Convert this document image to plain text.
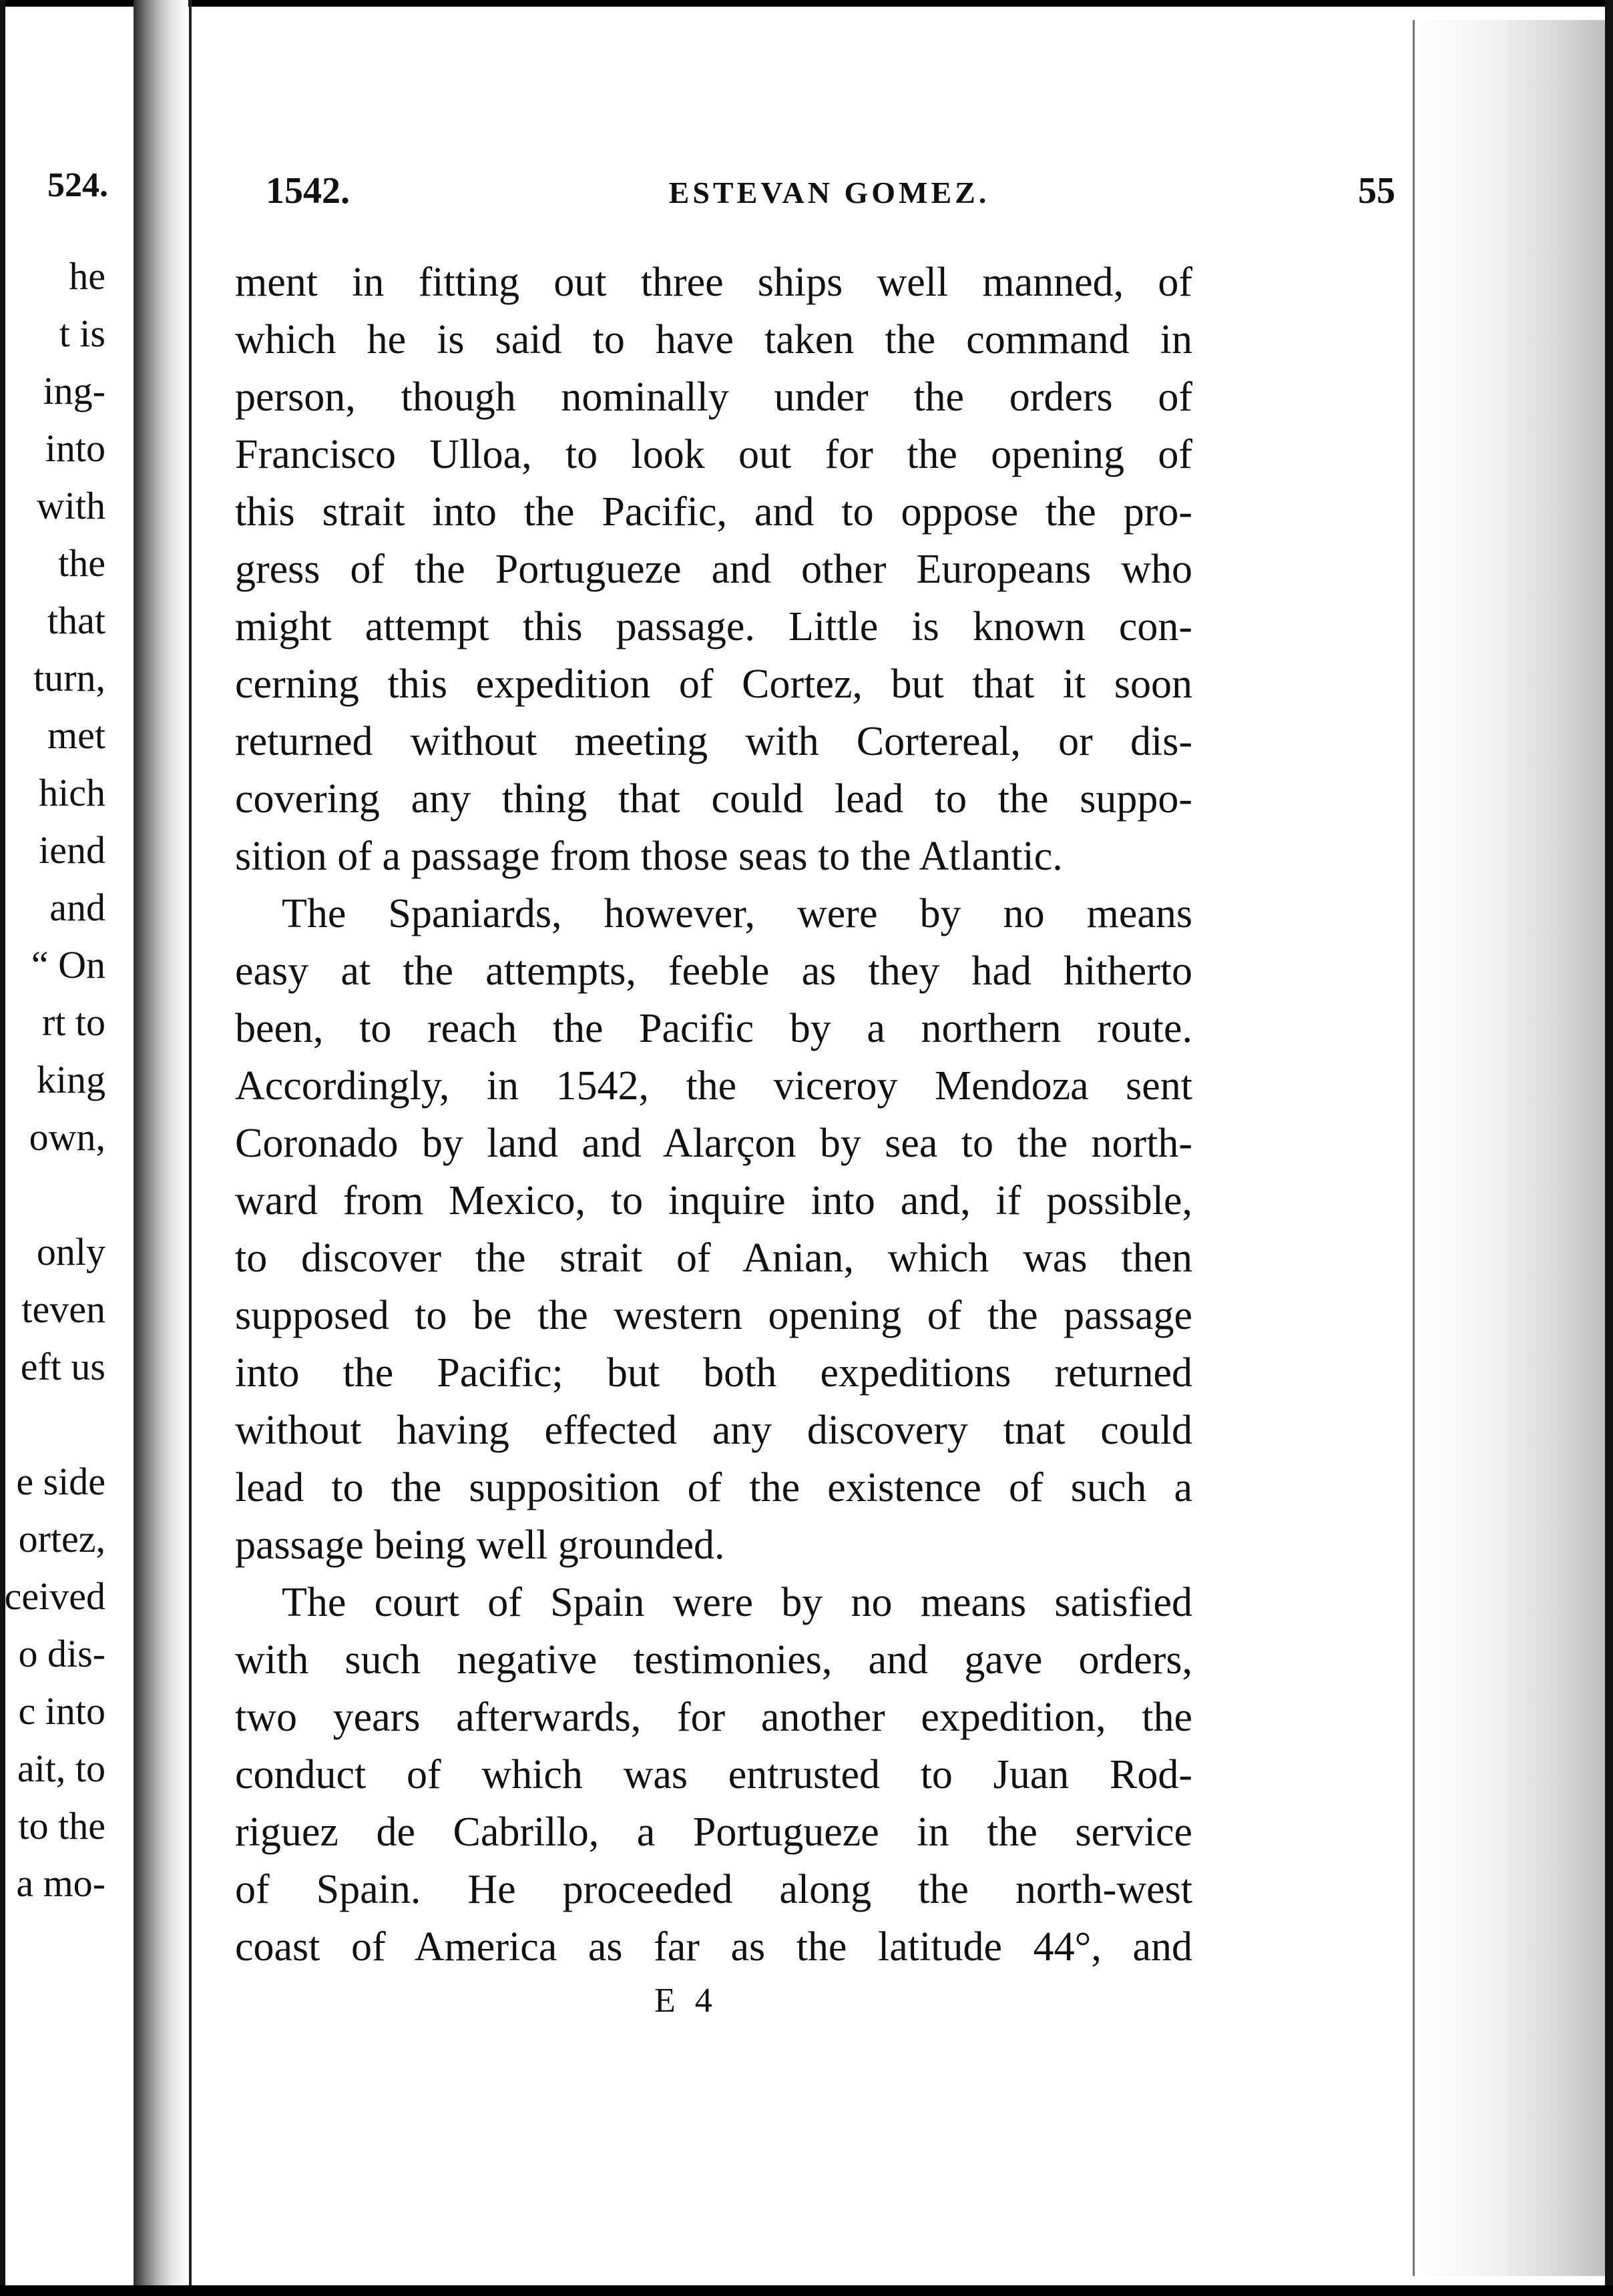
524.
he
t is
ing-
into
with
the
that
turn,
met
hich
iend
and
“ On
rt to
king
own,
only
teven
eft us
e side
ortez,
ceived
o dis-
c into
ait, to
to the
a mo-
1542.	ESTEVAN GOMEZ.	55
ment in fitting out three ships well manned, of
which he is said to have taken the command in
person, though nominally under the orders of
Francisco Ulloa, to look out for the opening of
this strait into the Pacific, and to oppose the pro-
gress of the Portugueze and other Europeans who
might attempt this passage. Little is known con-
cerning this expedition of Cortez, but that it soon
returned without meeting with Cortereal, or dis-
covering any thing that could lead to the suppo-
sition of a passage from those seas to the Atlantic.
The Spaniards, however, were by no means
easy at the attempts, feeble as they had hitherto
been, to reach the Pacific by a northern route.
Accordingly, in 1542, the viceroy Mendoza sent
Coronado by land and Alarçon by sea to the north-
ward from Mexico, to inquire into and, if possible,
to discover the strait of Anian, which was then
supposed to be the western opening of the passage
into the Pacific; but both expeditions returned
without having effected any discovery tnat could
lead to the supposition of the existence of such a
passage being well grounded.
The court of Spain were by no means satisfied
with such negative testimonies, and gave orders,
two years afterwards, for another expedition, the
conduct of which was entrusted to Juan Rod-
riguez de Cabrillo, a Portugueze in the service
of Spain. He proceeded along the north-west
coast of America as far as the latitude 44°, and
E 4
